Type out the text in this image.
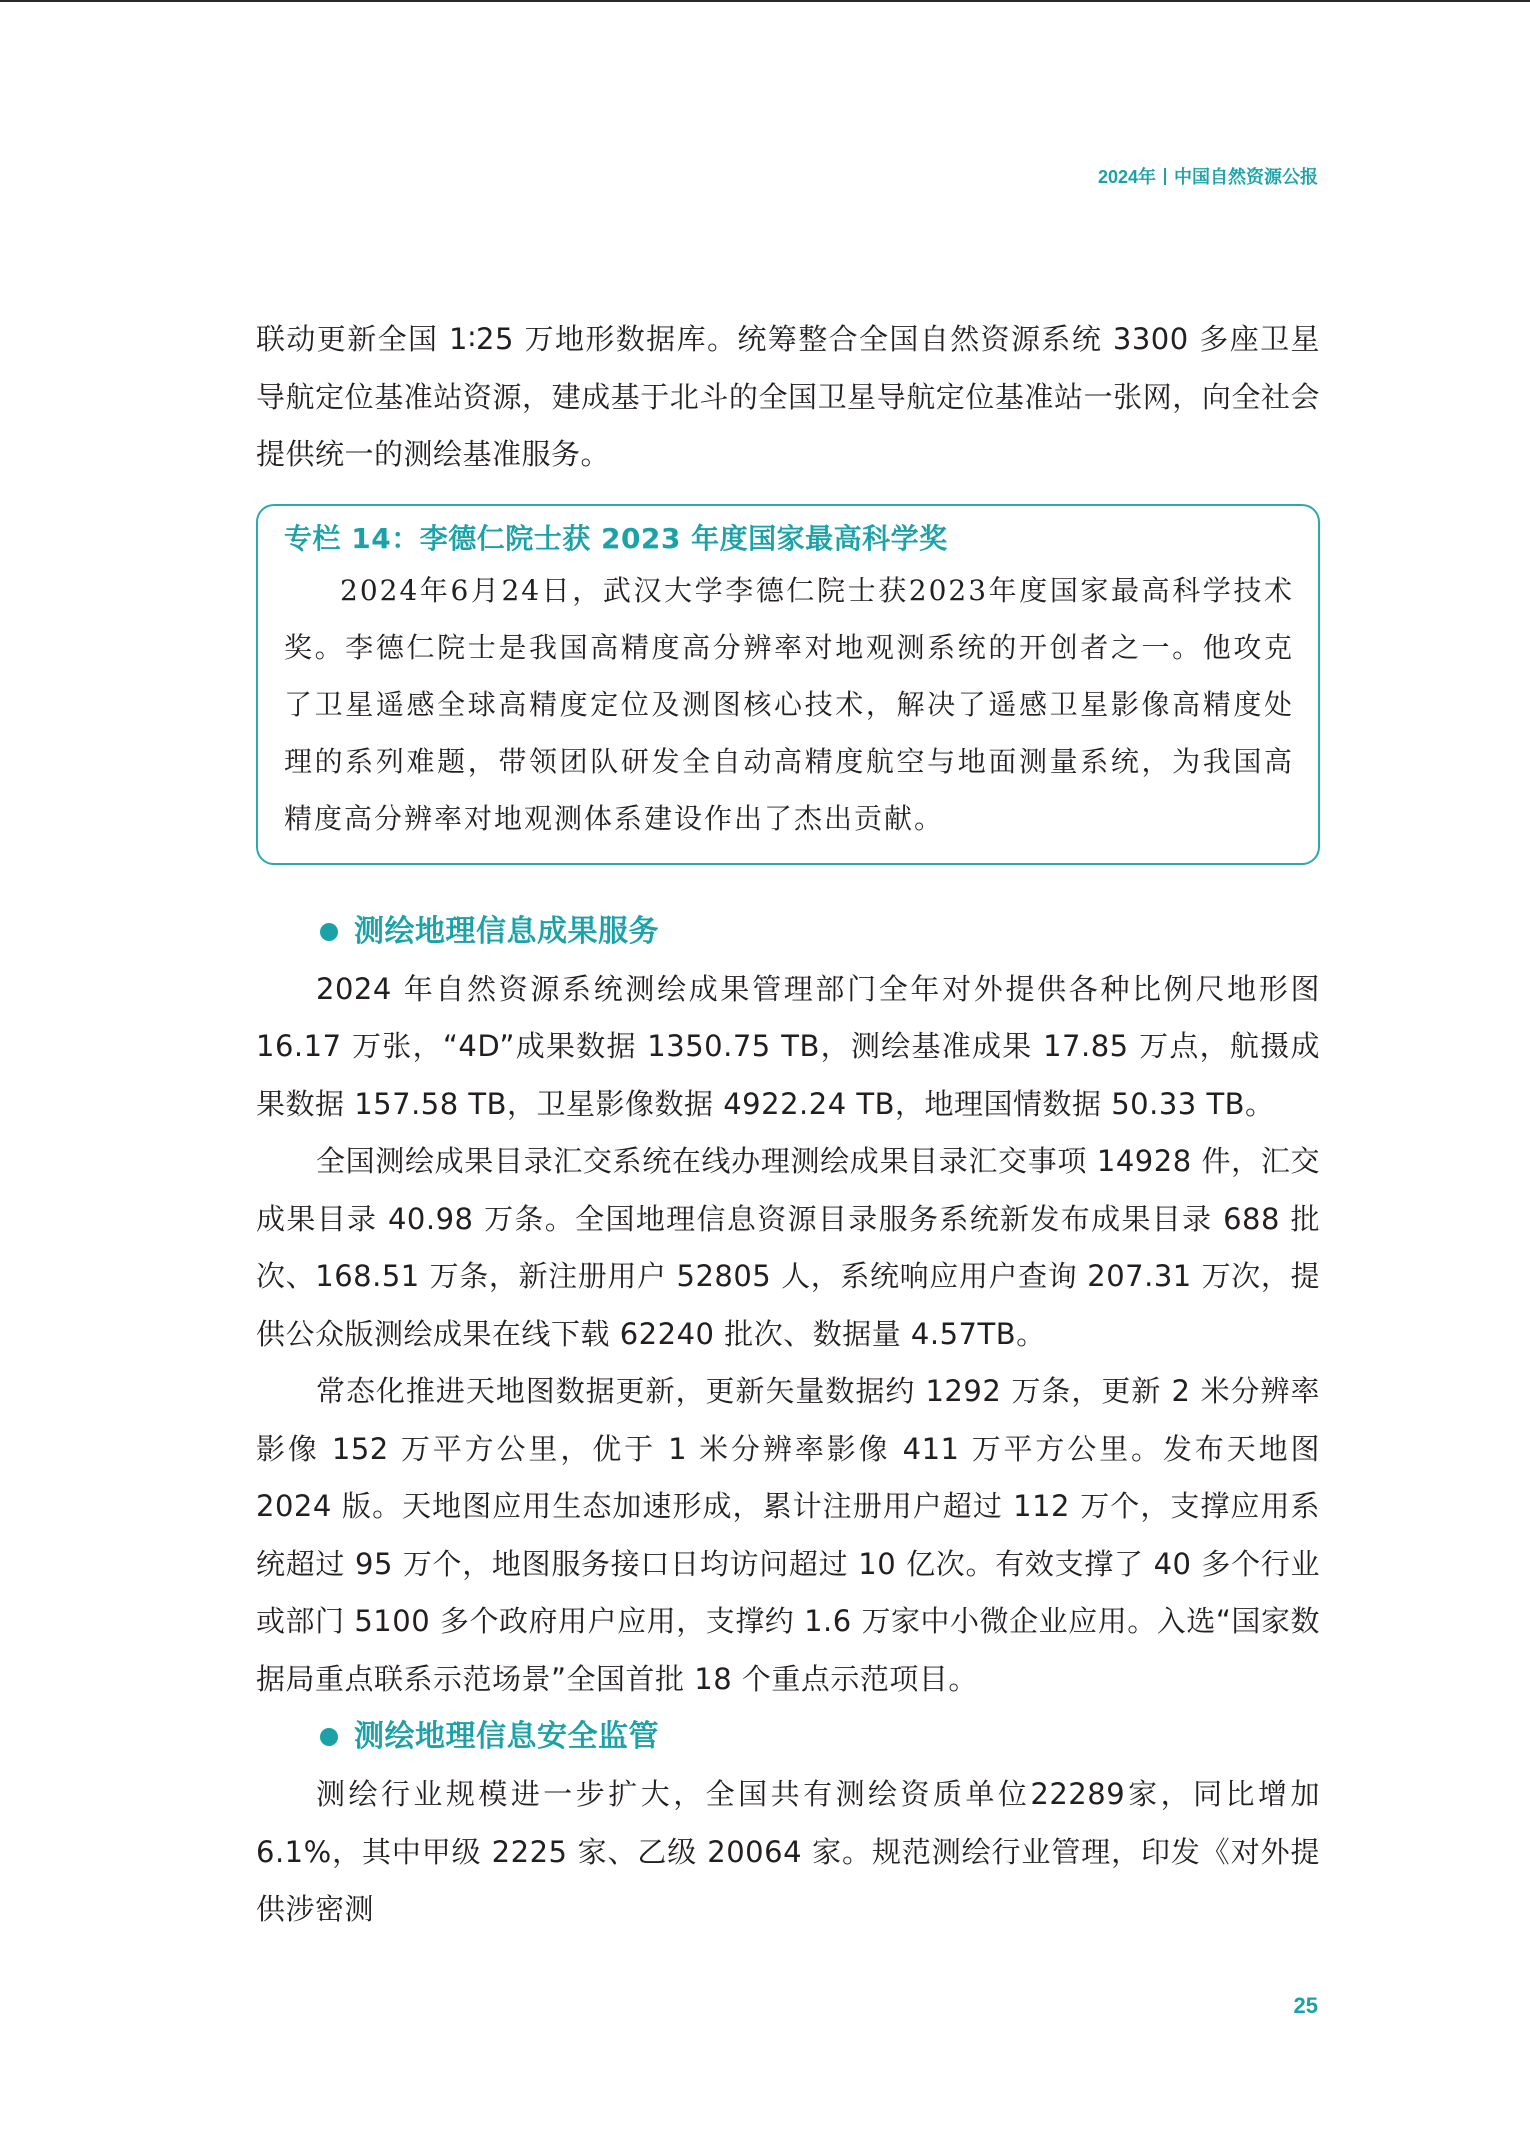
2024年 中国自然资源公报

联动更新全国 1∶25 万地形数据库。统筹整合全国自然资源系统 3300 多座卫星导航定位基准站资源，建成基于北斗的全国卫星导航定位基准站一张网，向全社会提供统一的测绘基准服务。

专栏 14：李德仁院士获 2023 年度国家最高科学奖

2024年6月24日，武汉大学李德仁院士获2023年度国家最高科学技术奖。李德仁院士是我国高精度高分辨率对地观测系统的开创者之一。他攻克了卫星遥感全球高精度定位及测图核心技术，解决了遥感卫星影像高精度处理的系列难题，带领团队研发全自动高精度航空与地面测量系统，为我国高精度高分辨率对地观测体系建设作出了杰出贡献。

测绘地理信息成果服务

2024 年自然资源系统测绘成果管理部门全年对外提供各种比例尺地形图 16.17 万张，“4D”成果数据 1350.75 TB，测绘基准成果 17.85 万点，航摄成果数据 157.58 TB，卫星影像数据 4922.24 TB，地理国情数据 50.33 TB。

全国测绘成果目录汇交系统在线办理测绘成果目录汇交事项 14928 件，汇交成果目录 40.98 万条。全国地理信息资源目录服务系统新发布成果目录 688 批次、168.51 万条，新注册用户 52805 人，系统响应用户查询 207.31 万次，提供公众版测绘成果在线下载 62240 批次、数据量 4.57TB。

常态化推进天地图数据更新，更新矢量数据约 1292 万条，更新 2 米分辨率影像 152 万平方公里，优于 1 米分辨率影像 411 万平方公里。发布天地图 2024 版。天地图应用生态加速形成，累计注册用户超过 112 万个，支撑应用系统超过 95 万个，地图服务接口日均访问超过 10 亿次。有效支撑了 40 多个行业或部门 5100 多个政府用户应用，支撑约 1.6 万家中小微企业应用。入选“国家数据局重点联系示范场景”全国首批 18 个重点示范项目。

测绘地理信息安全监管

测绘行业规模进一步扩大，全国共有测绘资质单位22289家，同比增加6.1%，其中甲级 2225 家、乙级 20064 家。规范测绘行业管理，印发《对外提供涉密测

25
